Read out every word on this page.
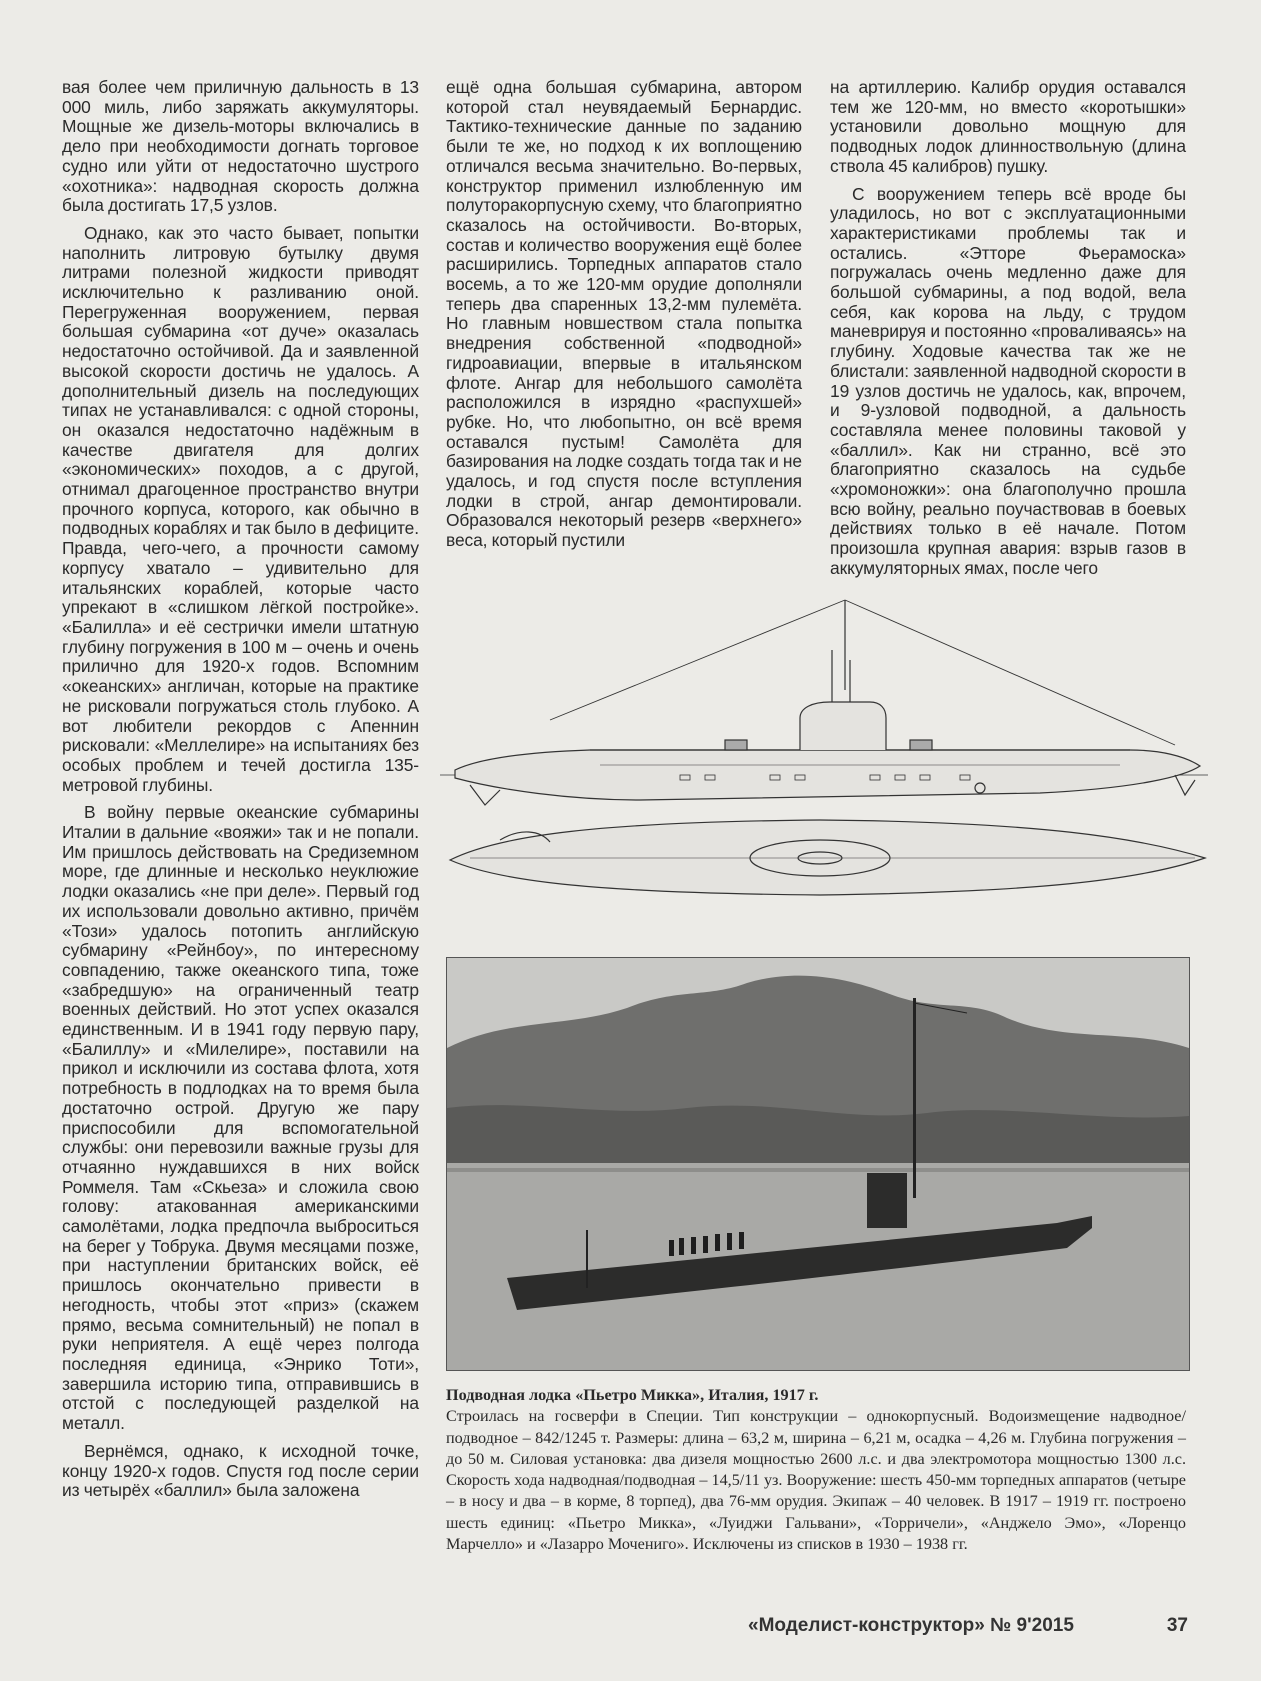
вая более чем приличную дальность в 13 000 миль, либо заряжать аккумуляторы. Мощные же дизель-моторы включались в дело при необходимости догнать торговое судно или уйти от недостаточно шустрого «охотника»: надводная скорость должна была достигать 17,5 узлов.

Однако, как это часто бывает, попытки наполнить литровую бутылку двумя литрами полезной жидкости приводят исключительно к разливанию оной. Перегруженная вооружением, первая большая субмарина «от дуче» оказалась недостаточно остойчивой. Да и заявленной высокой скорости достичь не удалось. А дополнительный дизель на последующих типах не устанавливался: с одной стороны, он оказался недостаточно надёжным в качестве двигателя для долгих «экономических» походов, а с другой, отнимал драгоценное пространство внутри прочного корпуса, которого, как обычно в подводных кораблях и так было в дефиците. Правда, чего-чего, а прочности самому корпусу хватало – удивительно для итальянских кораблей, которые часто упрекают в «слишком лёгкой постройке». «Балилла» и её сестрички имели штатную глубину погружения в 100 м – очень и очень прилично для 1920-х годов. Вспомним «океанских» англичан, которые на практике не рисковали погружаться столь глубоко. А вот любители рекордов с Апеннин рисковали: «Меллелире» на испытаниях без особых проблем и течей достигла 135-метровой глубины.

В войну первые океанские субмарины Италии в дальние «вояжи» так и не попали. Им пришлось действовать на Средиземном море, где длинные и несколько неуклюжие лодки оказались «не при деле». Первый год их использовали довольно активно, причём «Този» удалось потопить английскую субмарину «Рейнбоу», по интересному совпадению, также океанского типа, тоже «забредшую» на ограниченный театр военных действий. Но этот успех оказался единственным. И в 1941 году первую пару, «Балиллу» и «Милелире», поставили на прикол и исключили из состава флота, хотя потребность в подлодках на то время была достаточно острой. Другую же пару приспособили для вспомогательной службы: они перевозили важные грузы для отчаянно нуждавшихся в них войск Роммеля. Там «Скьеза» и сложила свою голову: атакованная американскими самолётами, лодка предпочла выброситься на берег у Тобрука. Двумя месяцами позже, при наступлении британских войск, её пришлось окончательно привести в негодность, чтобы этот «приз» (скажем прямо, весьма сомнительный) не попал в руки неприятеля. А ещё через полгода последняя единица, «Энрико Тоти», завершила историю типа, отправившись в отстой с последующей разделкой на металл.

Вернёмся, однако, к исходной точке, концу 1920-х годов. Спустя год после серии из четырёх «баллил» была заложена

ещё одна большая субмарина, автором которой стал неувядаемый Бернардис. Тактико-технические данные по заданию были те же, но подход к их воплощению отличался весьма значительно. Во-первых, конструктор применил излюбленную им полуторакорпусную схему, что благоприятно сказалось на остойчивости. Во-вторых, состав и количество вооружения ещё более расширились. Торпедных аппаратов стало восемь, а то же 120-мм орудие дополняли теперь два спаренных 13,2-мм пулемёта. Но главным новшеством стала попытка внедрения собственной «подводной» гидроавиации, впервые в итальянском флоте. Ангар для небольшого самолёта расположился в изрядно «распухшей» рубке. Но, что любопытно, он всё время оставался пустым! Самолёта для базирования на лодке создать тогда так и не удалось, и год спустя после вступления лодки в строй, ангар демонтировали. Образовался некоторый резерв «верхнего» веса, который пустили

на артиллерию. Калибр орудия оставался тем же 120-мм, но вместо «коротышки» установили довольно мощную для подводных лодок длинноствольную (длина ствола 45 калибров) пушку.

С вооружением теперь всё вроде бы уладилось, но вот с эксплуатационными характеристиками проблемы так и остались. «Этторе Фьерамоска» погружалась очень медленно даже для большой субмарины, а под водой, вела себя, как корова на льду, с трудом маневрируя и постоянно «проваливаясь» на глубину. Ходовые качества так же не блистали: заявленной надводной скорости в 19 узлов достичь не удалось, как, впрочем, и 9-узловой подводной, а дальность составляла менее половины таковой у «баллил». Как ни странно, всё это благоприятно сказалось на судьбе «хромоножки»: она благополучно прошла всю войну, реально поучаствовав в боевых действиях только в её начале. Потом произошла крупная авария: взрыв газов в аккумуляторных ямах, после чего

Подводная лодка «Пьетро Микка», Италия, 1917 г.
Строилась на госверфи в Специи. Тип конструкции – однокорпусный. Водоизмещение надводное/подводное – 842/1245 т. Размеры: длина – 63,2 м, ширина – 6,21 м, осадка – 4,26 м. Глубина погружения – до 50 м. Силовая установка: два дизеля мощностью 2600 л.с. и два электромотора мощностью 1300 л.с. Скорость хода надводная/подводная – 14,5/11 уз. Вооружение: шесть 450-мм торпедных аппаратов (четыре – в носу и два – в корме, 8 торпед), два 76-мм орудия. Экипаж – 40 человек. В 1917 – 1919 гг. построено шесть единиц: «Пьетро Микка», «Луиджи Гальвани», «Торричели», «Анджело Эмо», «Лоренцо Марчелло» и «Лазарро Мочениго». Исключены из списков в 1930 – 1938 гг.
«Моделист-конструктор» № 9'2015	37
